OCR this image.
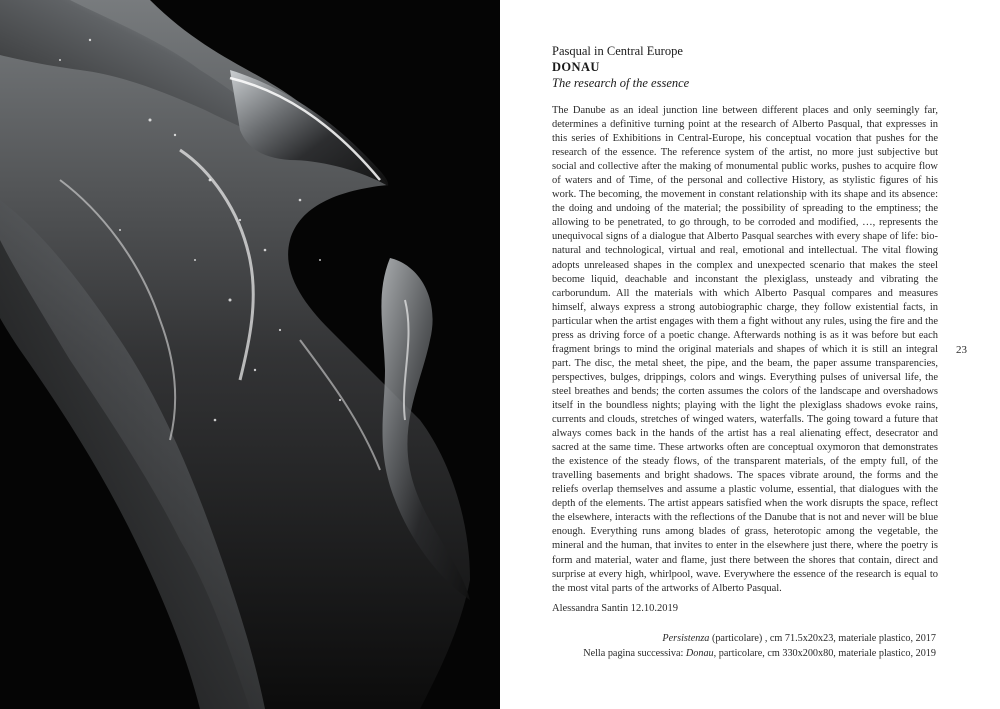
Pasqual in Central Europe
DONAU
The research of the essence

The Danube as an ideal junction line between different places and only seemingly far, determines a definitive turning point at the research of Alberto Pasqual, that expresses in this series of Exhibitions in Central-Europe, his conceptual vocation that pushes for the research of the essence. The reference system of the artist, no more just subjective but social and collective after the making of monumental public works, pushes to acquire flow of waters and of Time, of the personal and collective History, as stylistic figures of his work. The becoming, the movement in constant relationship with its shape and its absence: the doing and undoing of the material; the possibility of spreading to the emptiness; the allowing to be penetrated, to go through, to be corroded and modified, …, represents the unequivocal signs of a dialogue that Alberto Pasqual searches with every shape of life: bio-natural and technological, virtual and real, emotional and intellectual. The vital flowing adopts unreleased shapes in the complex and unexpected scenario that makes the steel become liquid, deachable and inconstant the plexiglass, unsteady and vibrating the carborundum. All the materials with which Alberto Pasqual compares and measures himself, always express a strong autobiographic charge, they follow existential facts, in particular when the artist engages with them a fight without any rules, using the fire and the press as driving force of a poetic change. Afterwards nothing is as it was before but each fragment brings to mind the original materials and shapes of which it is still an integral part. The disc, the metal sheet, the pipe, and the beam, the paper assume transparencies, perspectives, bulges, drippings, colors and wings. Everything pulses of universal life, the steel breathes and bends; the corten assumes the colors of the landscape and overshadows itself in the boundless nights; playing with the light the plexiglass shadows evoke rains, currents and clouds, stretches of winged waters, waterfalls. The going toward a future that always comes back in the hands of the artist has a real alienating effect, desecrator and sacred at the same time. These artworks often are conceptual oxymoron that demonstrates the existence of the steady flows, of the transparent materials, of the empty full, of the travelling basements and bright shadows. The spaces vibrate around, the forms and the reliefs overlap themselves and assume a plastic volume, essential, that dialogues with the depth of the elements. The artist appears satisfied when the work disrupts the space, reflect the elsewhere, interacts with the reflections of the Danube that is not and never will be blue enough. Everything runs among blades of grass, heterotopic among the vegetable, the mineral and the human, that invites to enter in the elsewhere just there, where the poetry is form and material, water and flame, just there between the shores that contain, direct and surprise at every high, whirlpool, wave. Everywhere the essence of the research is equal to the most vital parts of the artworks of Alberto Pasqual.

Alessandra Santin 12.10.2019

23
Persistenza (particolare) , cm 71.5x20x23, materiale plastico, 2017
Nella pagina successiva: Donau, particolare, cm 330x200x80, materiale plastico, 2019
